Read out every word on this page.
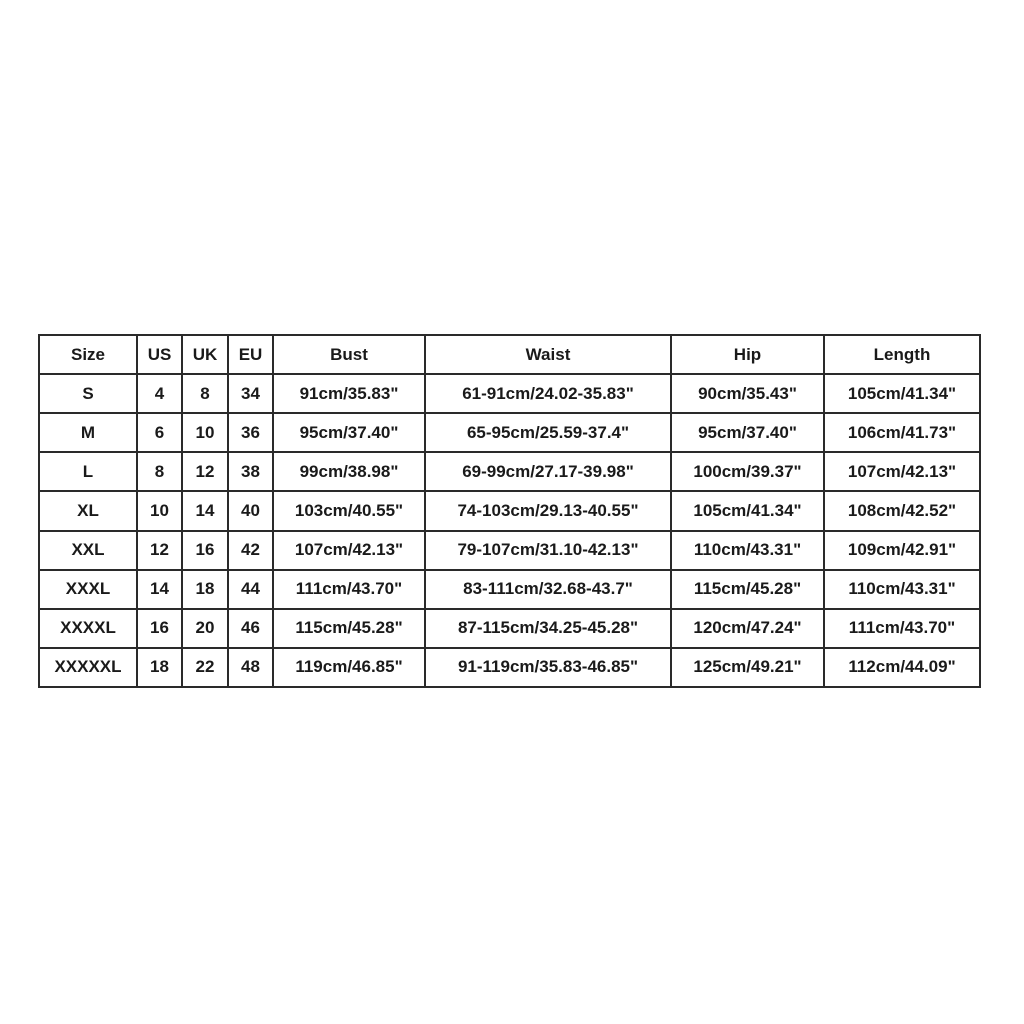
Size	US	UK	EU	Bust	Waist	Hip	Length
S	4	8	34	91cm/35.83"	61-91cm/24.02-35.83"	90cm/35.43"	105cm/41.34"
M	6	10	36	95cm/37.40"	65-95cm/25.59-37.4"	95cm/37.40"	106cm/41.73"
L	8	12	38	99cm/38.98"	69-99cm/27.17-39.98"	100cm/39.37"	107cm/42.13"
XL	10	14	40	103cm/40.55"	74-103cm/29.13-40.55"	105cm/41.34"	108cm/42.52"
XXL	12	16	42	107cm/42.13"	79-107cm/31.10-42.13"	110cm/43.31"	109cm/42.91"
XXXL	14	18	44	111cm/43.70"	83-111cm/32.68-43.7"	115cm/45.28"	110cm/43.31"
XXXXL	16	20	46	115cm/45.28"	87-115cm/34.25-45.28"	120cm/47.24"	111cm/43.70"
XXXXXL	18	22	48	119cm/46.85"	91-119cm/35.83-46.85"	125cm/49.21"	112cm/44.09"
